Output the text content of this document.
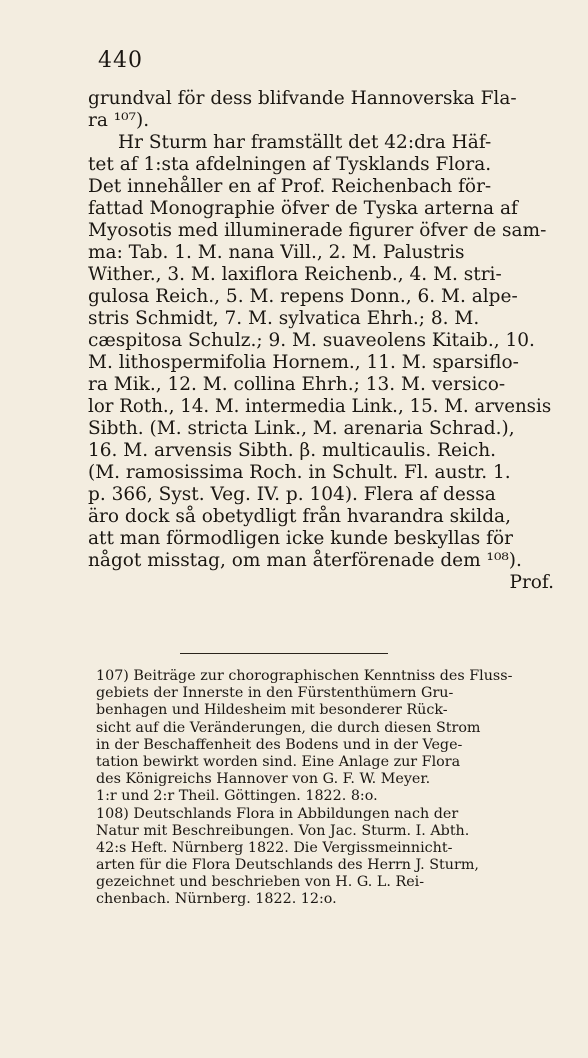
440
grundval för dess blifvande Hannoverska Fla-
ra ¹⁰⁷).
Hr Sturm har framställt det 42:dra Häf-
tet af 1:sta afdelningen af Tysklands Flora.
Det innehåller en af Prof. Reichenbach för-
fattad Monographie öfver de Tyska arterna af
Myosotis med illuminerade figurer öfver de sam-
ma: Tab. 1. M. nana Vill., 2. M. Palustris
Wither., 3. M. laxiflora Reichenb., 4. M. stri-
gulosa Reich., 5. M. repens Donn., 6. M. alpe-
stris Schmidt, 7. M. sylvatica Ehrh.; 8. M.
cæspitosa Schulz.; 9. M. suaveolens Kitaib., 10.
M. lithospermifolia Hornem., 11. M. sparsiflo-
ra Mik., 12. M. collina Ehrh.; 13. M. versico-
lor Roth., 14. M. intermedia Link., 15. M. arvensis
Sibth. (M. stricta Link., M. arenaria Schrad.),
16. M. arvensis Sibth. β. multicaulis. Reich.
(M. ramosissima Roch. in Schult. Fl. austr. 1.
p. 366, Syst. Veg. IV. p. 104). Flera af dessa
äro dock så obetydligt från hvarandra skilda,
att man förmodligen icke kunde beskyllas för
något misstag, om man återförenade dem ¹⁰⁸).
Prof.
107) Beiträge zur chorographischen Kenntniss des Fluss-
gebiets der Innerste in den Fürstenthümern Gru-
benhagen und Hildesheim mit besonderer Rück-
sicht auf die Veränderungen, die durch diesen Strom
in der Beschaffenheit des Bodens und in der Vege-
tation bewirkt worden sind. Eine Anlage zur Flora
des Königreichs Hannover von G. F. W. Meyer.
1:r und 2:r Theil. Göttingen. 1822. 8:o.
108) Deutschlands Flora in Abbildungen nach der
Natur mit Beschreibungen. Von Jac. Sturm. I. Abth.
42:s Heft. Nürnberg 1822. Die Vergissmeinnicht-
arten für die Flora Deutschlands des Herrn J. Sturm,
gezeichnet und beschrieben von H. G. L. Rei-
chenbach. Nürnberg. 1822. 12:o.
